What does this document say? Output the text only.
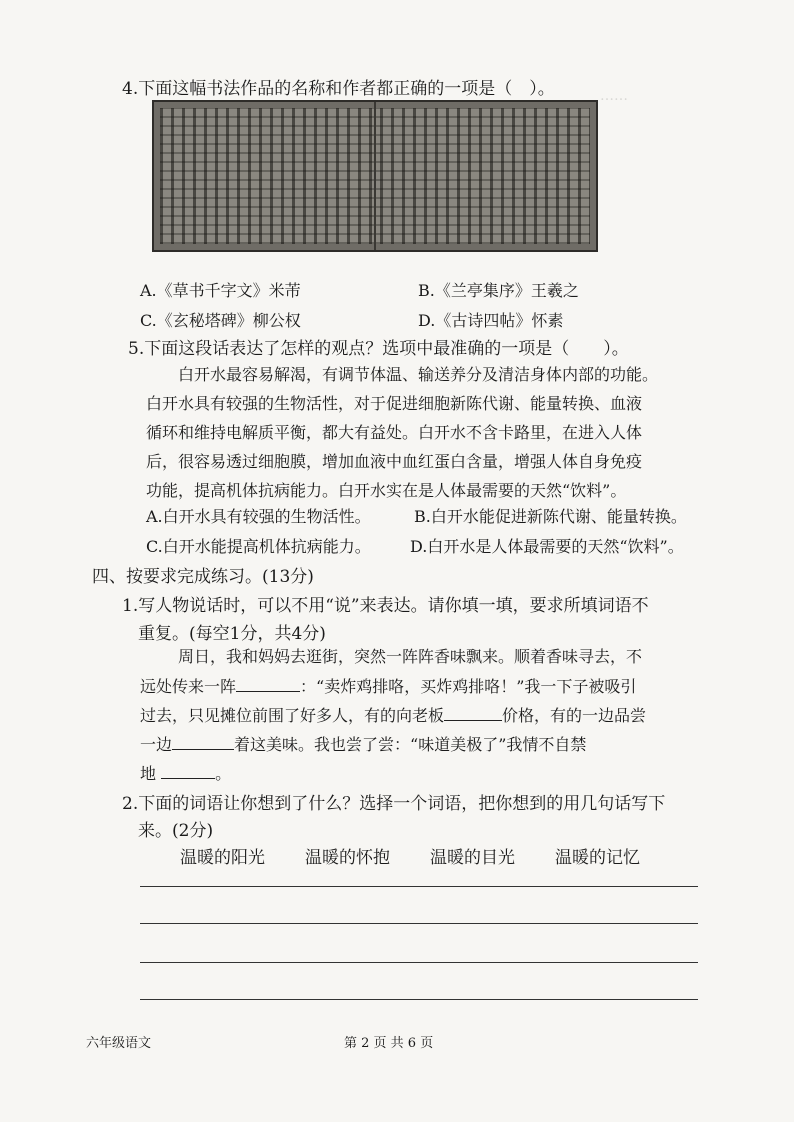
……
4.下面这幅书法作品的名称和作者都正确的一项是（　）。
A.《草书千字文》米芾	B.《兰亭集序》王羲之
C.《玄秘塔碑》柳公权	D.《古诗四帖》怀素
5.下面这段话表达了怎样的观点？选项中最准确的一项是（　　）。
白开水最容易解渴，有调节体温、输送养分及清洁身体内部的功能。
白开水具有较强的生物活性，对于促进细胞新陈代谢、能量转换、血液
循环和维持电解质平衡，都大有益处。白开水不含卡路里，在进入人体
后，很容易透过细胞膜，增加血液中血红蛋白含量，增强人体自身免疫
功能，提高机体抗病能力。白开水实在是人体最需要的天然“饮料”。
A.白开水具有较强的生物活性。	B.白开水能促进新陈代谢、能量转换。
C.白开水能提高机体抗病能力。 D.白开水是人体最需要的天然“饮料”。
四、按要求完成练习。(13分)
1.写人物说话时，可以不用“说”来表达。请你填一填，要求所填词语不
重复。(每空1分，共4分)
周日，我和妈妈去逛街，突然一阵阵香味飘来。顺着香味寻去，不
远处传来一阵	：“卖炸鸡排咯，买炸鸡排咯！”我一下子被吸引
过去，只见摊位前围了好多人，有的向老板	价格，有的一边品尝
一边	着这美味。我也尝了尝：“味道美极了”我情不自禁
地	。
2.下面的词语让你想到了什么？选择一个词语，把你想到的用几句话写下
来。(2分)
温暖的阳光 温暖的怀抱 温暖的目光 温暖的记忆
六年级语文	第 2 页 共 6 页
